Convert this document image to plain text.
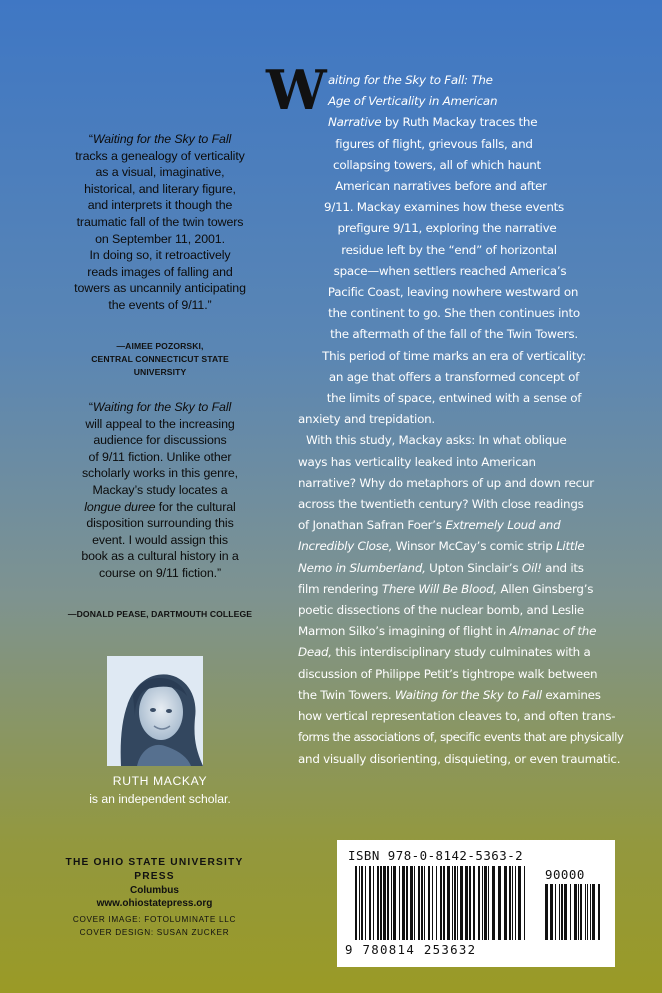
“Waiting for the Sky to Fall

tracks a genealogy of verticality

as a visual, imaginative,

historical, and literary figure,

and interprets it though the

traumatic fall of the twin towers

on September 11, 2001.

In doing so, it retroactively

reads images of falling and

towers as uncannily anticipating

the events of 9/11.”

—AIMEE POZORSKI,

CENTRAL CONNECTICUT STATE

UNIVERSITY

“Waiting for the Sky to Fall

will appeal to the increasing

audience for discussions

of 9/11 fiction. Unlike other

scholarly works in this genre,

Mackay’s study locates a

longue duree for the cultural

disposition surrounding this

event. I would assign this

book as a cultural history in a

course on 9/11 fiction.”

—DONALD PEASE, DARTMOUTH COLLEGE

W aiting for the Sky to Fall: The
Age of Verticality in American
Narrative by Ruth Mackay traces the
figures of flight, grievous falls, and
collapsing towers, all of which haunt
American narratives before and after
9/11. Mackay examines how these events
prefigure 9/11, exploring the narrative
residue left by the “end” of horizontal
space—when settlers reached America’s
Pacific Coast, leaving nowhere westward on
the continent to go. She then continues into
the aftermath of the fall of the Twin Towers.
This period of time marks an era of verticality:
an age that offers a transformed concept of
the limits of space, entwined with a sense of
anxiety and trepidation.
With this study, Mackay asks: In what oblique
ways has verticality leaked into American
narrative? Why do metaphors of up and down recur
across the twentieth century? With close readings
of Jonathan Safran Foer’s Extremely Loud and
Incredibly Close, Winsor McCay’s comic strip Little
Nemo in Slumberland, Upton Sinclair’s Oil! and its
film rendering There Will Be Blood, Allen Ginsberg’s
poetic dissections of the nuclear bomb, and Leslie
Marmon Silko’s imagining of flight in Almanac of the
Dead, this interdisciplinary study culminates with a
discussion of Philippe Petit’s tightrope walk between
the Twin Towers. Waiting for the Sky to Fall examines
how vertical representation cleaves to, and often trans-
forms the associations of, specific events that are physically
and visually disorienting, disquieting, or even traumatic.
RUTH MACKAY
is an independent scholar.
THE OHIO STATE UNIVERSITY PRESS
Columbus
www.ohiostatepress.org

COVER IMAGE: FOTOLUMINATE LLC

COVER DESIGN: SUSAN ZUCKER

ISBN 978-0-8142-5363-2
90000
9 780814 253632
